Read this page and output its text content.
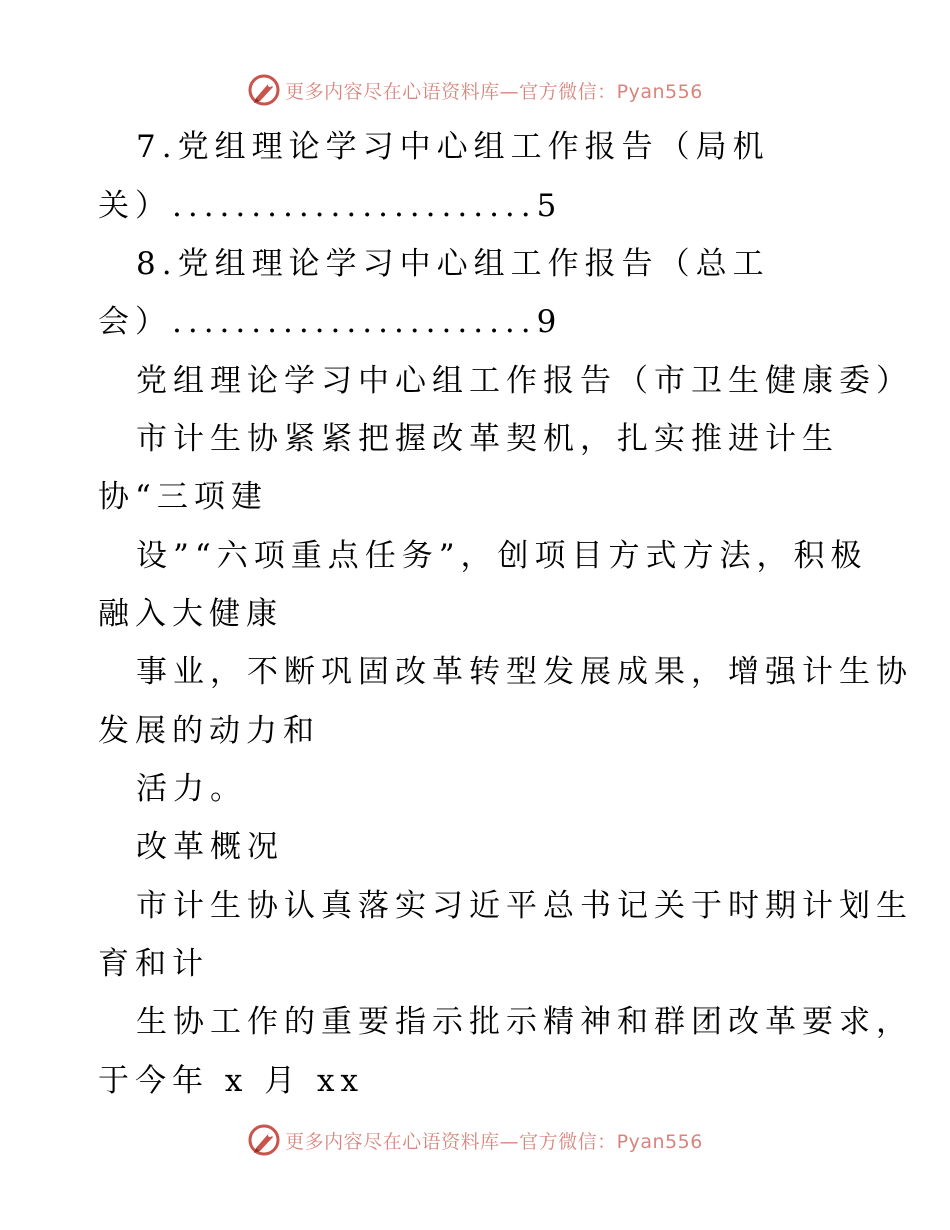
更多内容尽在心语资料库—官方微信：Pyan556
7.党组理论学习中心组工作报告（局机
关）.......................5
8.党组理论学习中心组工作报告（总工
会）.......................9
党组理论学习中心组工作报告（市卫生健康委）
市计生协紧紧把握改革契机，扎实推进计生
协“三项建
设”“六项重点任务”，创项目方式方法，积极
融入大健康
事业，不断巩固改革转型发展成果，增强计生协
发展的动力和
活力。
改革概况
市计生协认真落实习近平总书记关于时期计划生
育和计
生协工作的重要指示批示精神和群团改革要求，
于今年 x 月 xx
更多内容尽在心语资料库—官方微信：Pyan556
